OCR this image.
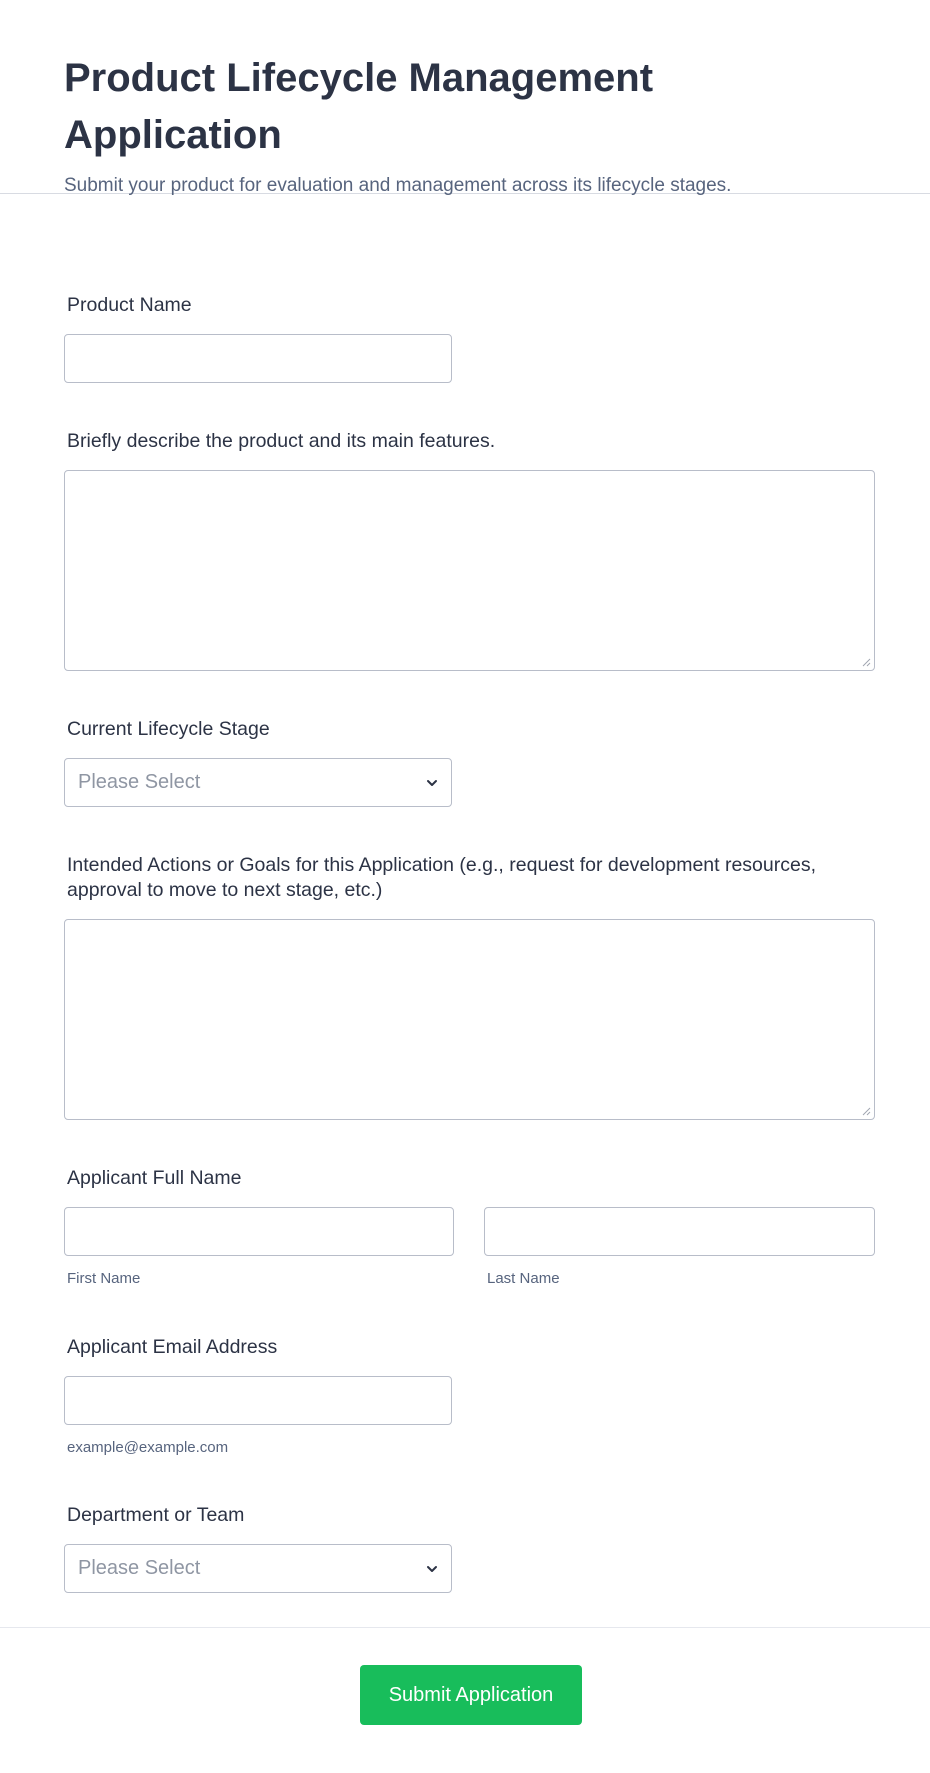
Product Lifecycle Management Application
Submit your product for evaluation and management across its lifecycle stages.
Product Name
Briefly describe the product and its main features.
Current Lifecycle Stage
Please Select
Intended Actions or Goals for this Application (e.g., request for development resources, approval to move to next stage, etc.)
Applicant Full Name
First Name	Last Name
Applicant Email Address
example@example.com
Department or Team
Please Select
Submit Application
